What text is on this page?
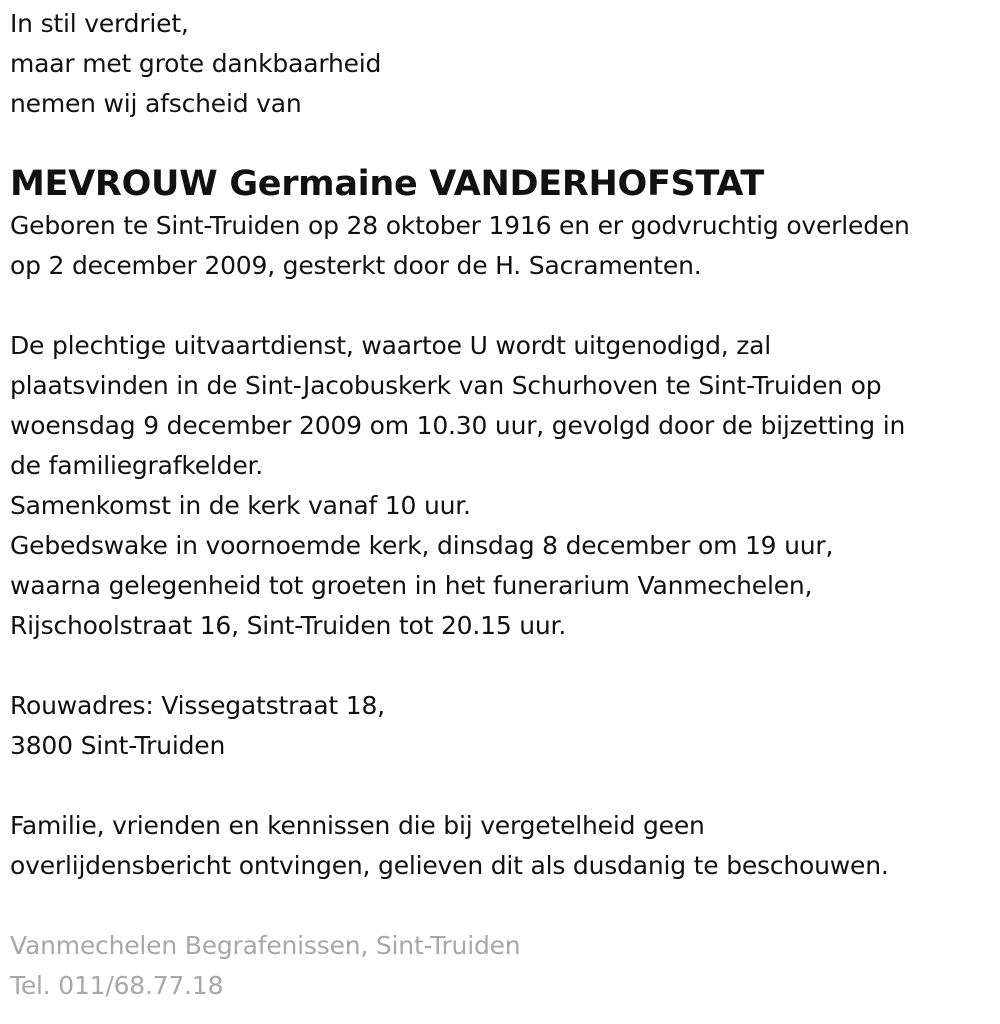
In stil verdriet,
maar met grote dankbaarheid
nemen wij afscheid van
MEVROUW Germaine VANDERHOFSTAT
Geboren te Sint-Truiden op 28 oktober 1916 en er godvruchtig overleden
op 2 december 2009, gesterkt door de H. Sacramenten.
De plechtige uitvaartdienst, waartoe U wordt uitgenodigd, zal
plaatsvinden in de Sint-Jacobuskerk van Schurhoven te Sint-Truiden op
woensdag 9 december 2009 om 10.30 uur, gevolgd door de bijzetting in
de familiegrafkelder.
Samenkomst in de kerk vanaf 10 uur.
Gebedswake in voornoemde kerk, dinsdag 8 december om 19 uur,
waarna gelegenheid tot groeten in het funerarium Vanmechelen,
Rijschoolstraat 16, Sint-Truiden tot 20.15 uur.
Rouwadres: Vissegatstraat 18,
3800 Sint-Truiden
Familie, vrienden en kennissen die bij vergetelheid geen
overlijdensbericht ontvingen, gelieven dit als dusdanig te beschouwen.
Vanmechelen Begrafenissen, Sint-Truiden
Tel. 011/68.77.18
